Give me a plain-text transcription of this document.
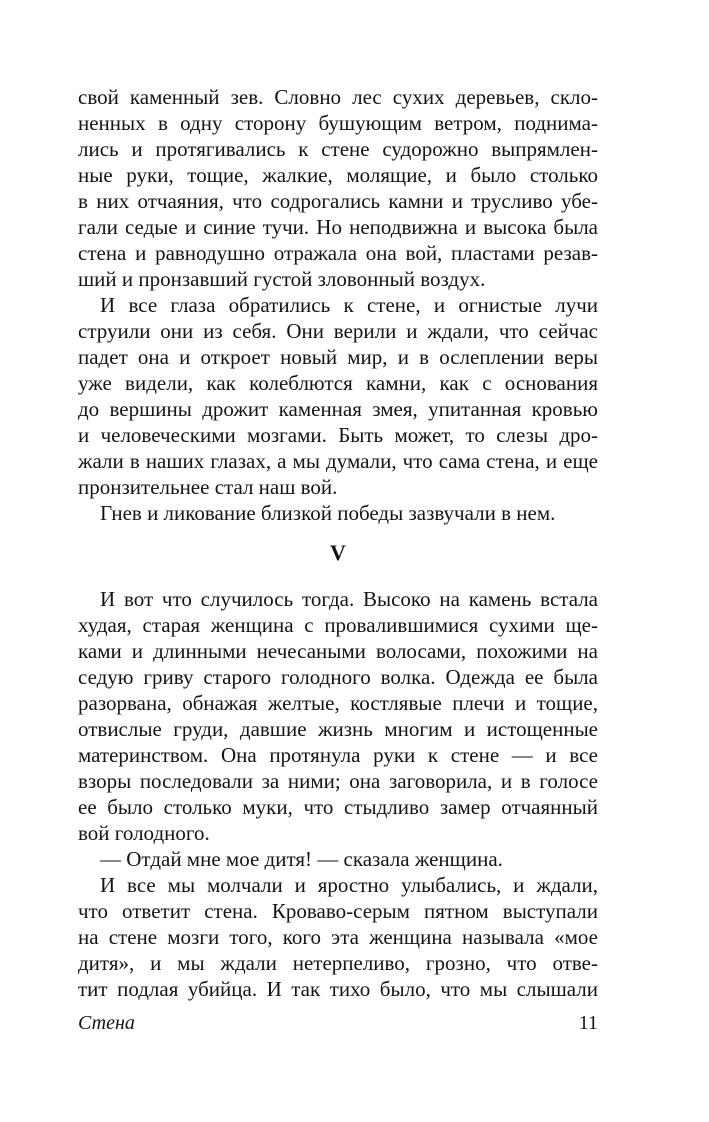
свой каменный зев. Словно лес сухих деревьев, скло-
ненных в одну сторону бушующим ветром, поднима-
лись и протягивались к стене судорожно выпрямлен-
ные руки, тощие, жалкие, молящие, и было столько
в них отчаяния, что содрогались камни и трусливо убе-
гали седые и синие тучи. Но неподвижна и высока была
стена и равнодушно отражала она вой, пластами резав-
ший и пронзавший густой зловонный воздух.
И все глаза обратились к стене, и огнистые лучи
струили они из себя. Они верили и ждали, что сейчас
падет она и откроет новый мир, и в ослеплении веры
уже видели, как колеблются камни, как с основания
до вершины дрожит каменная змея, упитанная кровью
и человеческими мозгами. Быть может, то слезы дро-
жали в наших глазах, а мы думали, что сама стена, и еще
пронзительнее стал наш вой.
Гнев и ликование близкой победы зазвучали в нем.
V
И вот что случилось тогда. Высоко на камень встала
худая, старая женщина с провалившимися сухими ще-
ками и длинными нечесаными волосами, похожими на
седую гриву старого голодного волка. Одежда ее была
разорвана, обнажая желтые, костлявые плечи и тощие,
отвислые груди, давшие жизнь многим и истощенные
материнством. Она протянула руки к стене — и все
взоры последовали за ними; она заговорила, и в голосе
ее было столько муки, что стыдливо замер отчаянный
вой голодного.
— Отдай мне мое дитя! — сказала женщина.
И все мы молчали и яростно улыбались, и ждали,
что ответит стена. Кроваво-серым пятном выступали
на стене мозги того, кого эта женщина называла «мое
дитя», и мы ждали нетерпеливо, грозно, что отве-
тит подлая убийца. И так тихо было, что мы слышали
Стена	11
